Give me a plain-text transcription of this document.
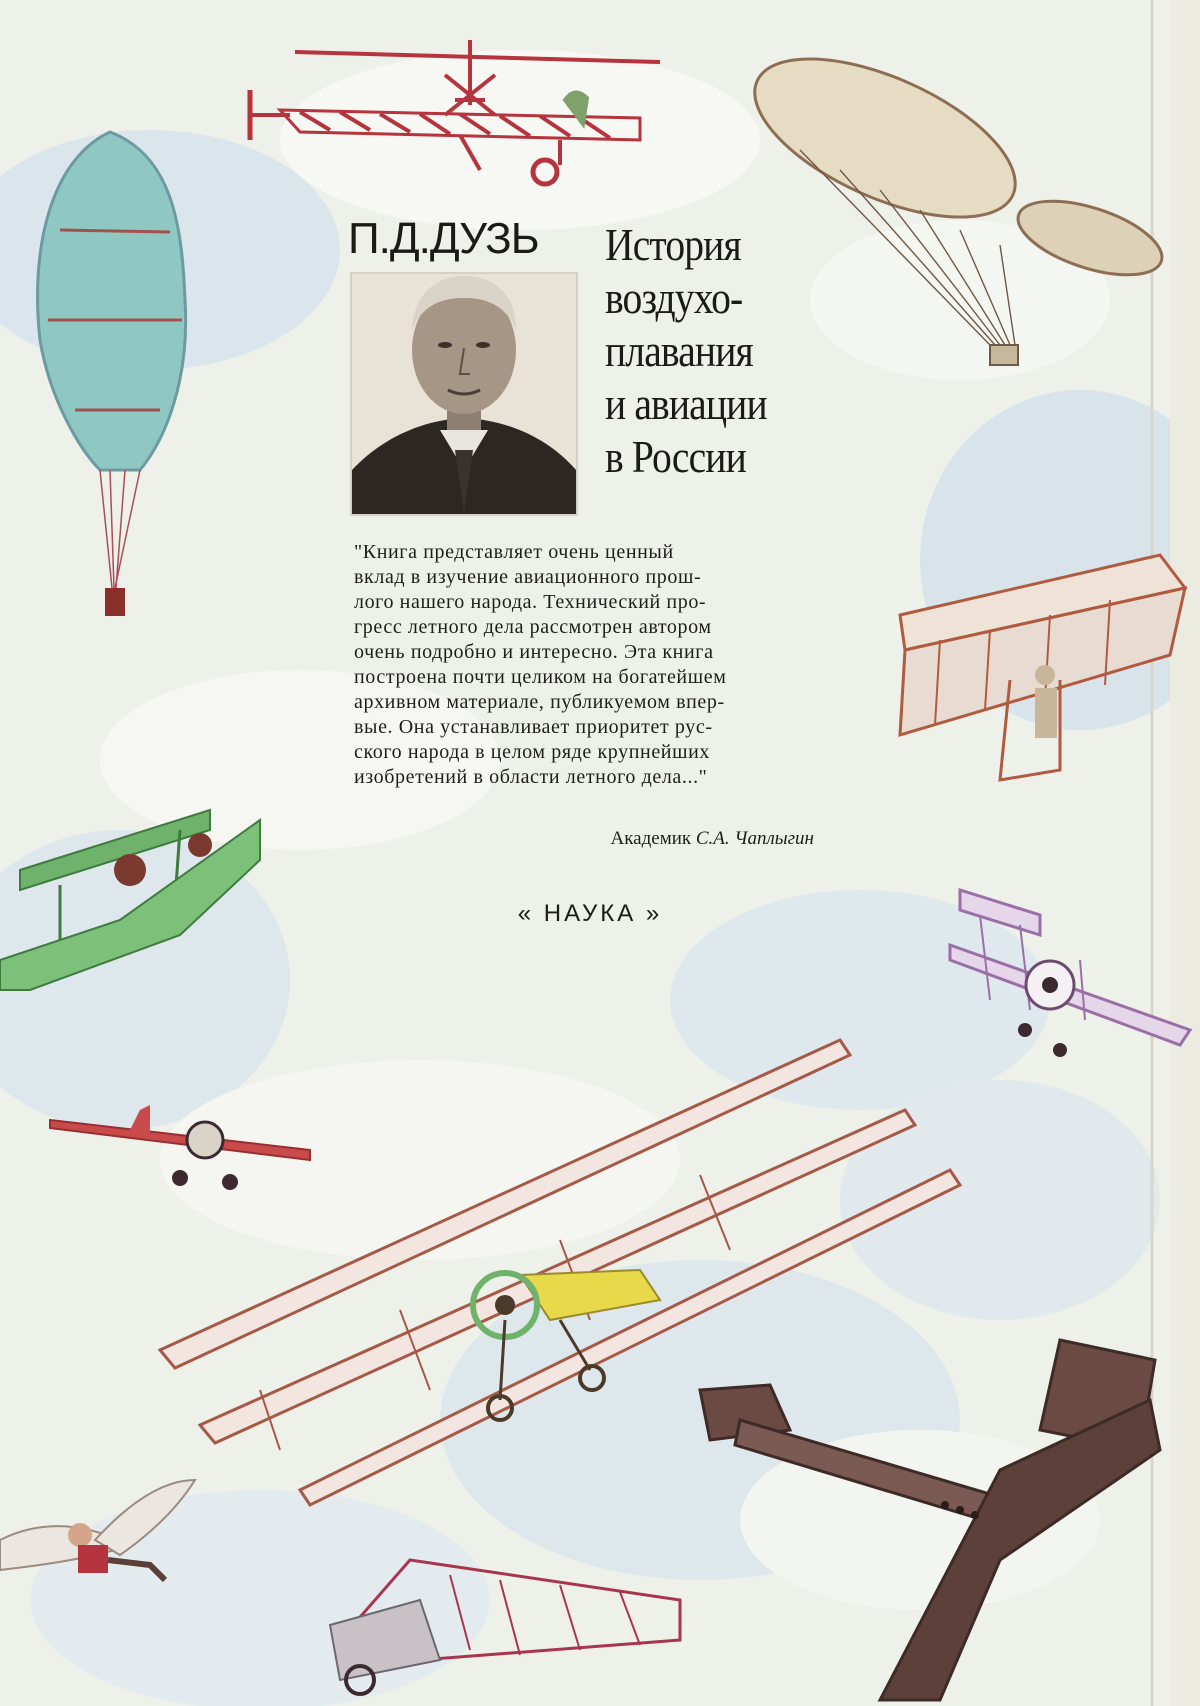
П.Д.ДУЗЬ	История
воздухо-
плавания
и авиации
в России
"Книга представляет очень ценный
вклад в изучение авиационного прош-
лого нашего народа. Технический про-
гресс летного дела рассмотрен автором
очень подробно и интересно. Эта книга
построена почти целиком на богатейшем
архивном материале, публикуемом впер-
вые. Она устанавливает приоритет рус-
ского народа в целом ряде крупнейших
изобретений в области летного дела..."
Академик С.А. Чаплыгин
« НАУКА »
